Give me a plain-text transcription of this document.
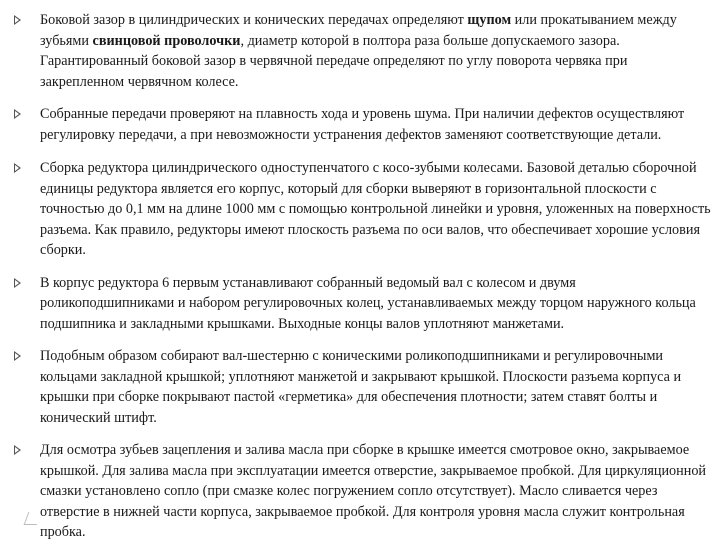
Боковой зазор в цилиндрических и конических передачах определяют щупом или прокатыванием между зубьями свинцовой проволочки, диаметр которой в полтора раза больше допускаемого зазора. Гарантированный боковой зазор в червячной передаче определяют по углу поворота червяка при закрепленном червячном колесе.
Собранные передачи проверяют на плавность хода и уровень шума. При наличии дефектов осуществляют регулировку передачи, а при невозможности устранения дефектов заменяют соответствующие детали.
Сборка редуктора цилиндрического одноступенчатого с косо-зубыми колесами. Базовой деталью сборочной единицы редуктора является его корпус, который для сборки выверяют в горизонтальной плоскости с точностью до 0,1 мм на длине 1000 мм с помощью контрольной линейки и уровня, уложенных на поверхность разъема. Как правило, редукторы имеют плоскость разъема по оси валов, что обеспечивает хорошие условия сборки.
В корпус редуктора 6 первым устанавливают собранный ведомый вал с колесом и двумя роликоподшипниками и набором регулировочных колец, устанавливаемых между торцом наружного кольца подшипника и закладными крышками. Выходные концы валов уплотняют манжетами.
Подобным образом собирают вал-шестерню с коническими роликоподшипниками и регулировочными кольцами закладной крышкой; уплотняют манжетой и закрывают крышкой. Плоскости разъема корпуса и крышки при сборке покрывают пастой «герметика» для обеспечения плотности; затем ставят болты и конический штифт.
Для осмотра зубьев зацепления и залива масла при сборке в крышке имеется смотровое окно, закрываемое крышкой. Для залива масла при эксплуатации имеется отверстие, закрываемое пробкой. Для циркуляционной смазки установлено сопло (при смазке колес погружением сопло отсутствует). Масло сливается через отверстие в нижней части корпуса, закрываемое пробкой. Для контроля уровня масла служит контрольная пробка.
